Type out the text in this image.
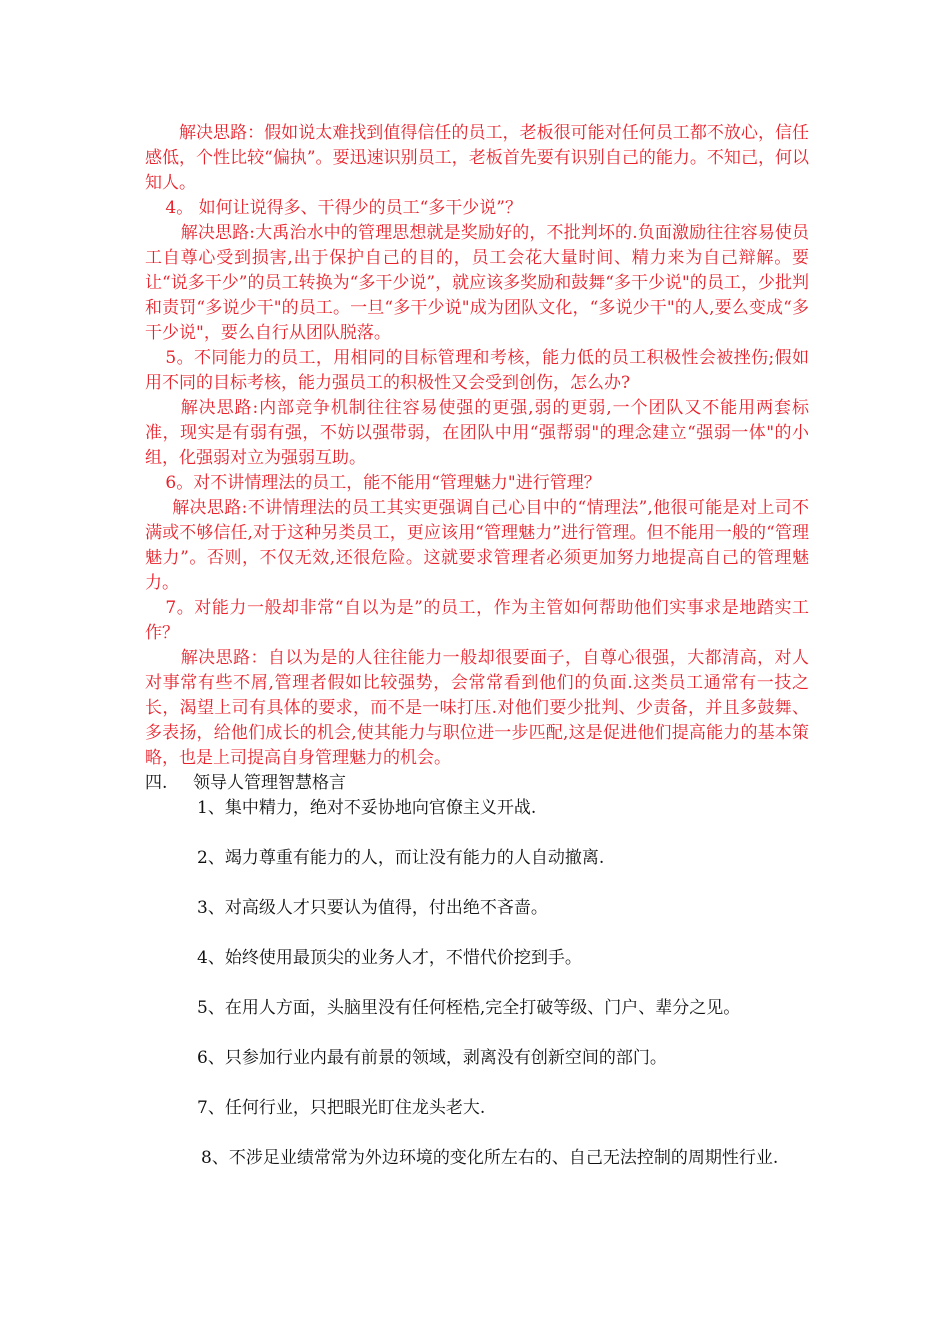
解决思路：假如说太难找到值得信任的员工，老板很可能对任何员工都不放心，信任感低，个性比较“偏执”。要迅速识别员工，老板首先要有识别自己的能力。不知己，何以知人。

4。 如何让说得多、干得少的员工“多干少说”？

解决思路:大禹治水中的管理思想就是奖励好的，不批判坏的.负面激励往往容易使员工自尊心受到损害,出于保护自己的目的，员工会花大量时间、精力来为自己辩解。要让“说多干少”的员工转换为“多干少说”，就应该多奖励和鼓舞“多干少说"的员工，少批判和责罚“多说少干"的员工。一旦“多干少说"成为团队文化，“多说少干"的人,要么变成“多干少说"，要么自行从团队脱落。

5。不同能力的员工，用相同的目标管理和考核，能力低的员工积极性会被挫伤;假如用不同的目标考核，能力强员工的积极性又会受到创伤，怎么办?

解决思路:内部竞争机制往往容易使强的更强,弱的更弱,一个团队又不能用两套标准，现实是有弱有强，不妨以强带弱，在团队中用“强帮弱"的理念建立“强弱一体"的小组，化强弱对立为强弱互助。

6。对不讲情理法的员工，能不能用“管理魅力"进行管理？

解决思路:不讲情理法的员工其实更强调自己心目中的“情理法”,他很可能是对上司不满或不够信任,对于这种另类员工，更应该用“管理魅力”进行管理。但不能用一般的“管理魅力”。否则，不仅无效,还很危险。这就要求管理者必须更加努力地提高自己的管理魅力。

7。对能力一般却非常“自以为是”的员工，作为主管如何帮助他们实事求是地踏实工作？

解决思路：自以为是的人往往能力一般却很要面子，自尊心很强，大都清高，对人对事常有些不屑,管理者假如比较强势，会常常看到他们的负面.这类员工通常有一技之长，渴望上司有具体的要求，而不是一味打压.对他们要少批判、少责备，并且多鼓舞、多表扬，给他们成长的机会,使其能力与职位进一步匹配,这是促进他们提高能力的基本策略，也是上司提高自身管理魅力的机会。

四. 领导人管理智慧格言

1、集中精力，绝对不妥协地向官僚主义开战.

2、竭力尊重有能力的人，而让没有能力的人自动撤离.

3、对高级人才只要认为值得，付出绝不吝啬。

4、始终使用最顶尖的业务人才，不惜代价挖到手。

5、在用人方面，头脑里没有任何桎梏,完全打破等级、门户、辈分之见。

6、只参加行业内最有前景的领域，剥离没有创新空间的部门。

7、任何行业，只把眼光盯住龙头老大.

8、不涉足业绩常常为外边环境的变化所左右的、自己无法控制的周期性行业.
